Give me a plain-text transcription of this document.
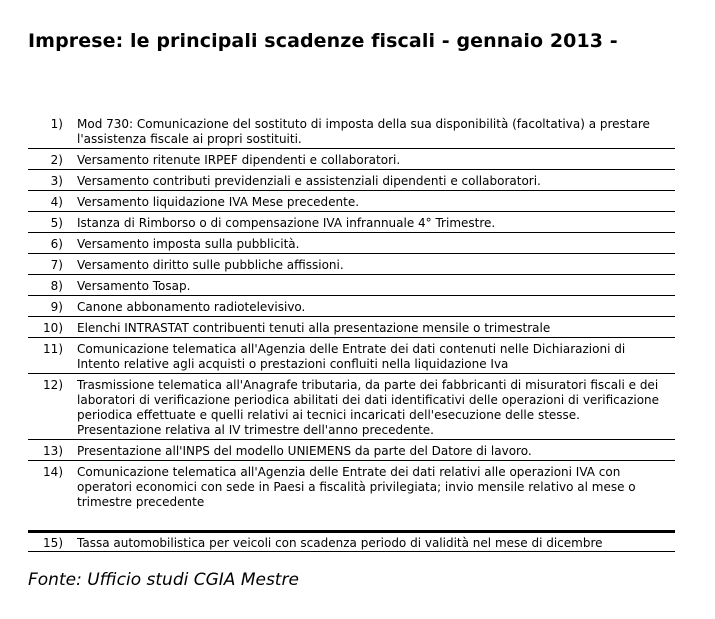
Imprese: le principali scadenze fiscali - gennaio 2013 -
1)	Mod 730: Comunicazione del sostituto di imposta della sua disponibilità (facoltativa) a prestare l'assistenza fiscale ai propri sostituiti.
2)	Versamento ritenute IRPEF dipendenti e collaboratori.
3)	Versamento contributi previdenziali e assistenziali dipendenti e collaboratori.
4)	Versamento liquidazione IVA Mese precedente.
5)	Istanza di Rimborso o di compensazione IVA infrannuale 4° Trimestre.
6)	Versamento imposta sulla pubblicità.
7)	Versamento diritto sulle pubbliche affissioni.
8)	Versamento Tosap.
9)	Canone abbonamento radiotelevisivo.
10)	Elenchi INTRASTAT contribuenti tenuti alla presentazione mensile o trimestrale
11)	Comunicazione telematica all'Agenzia delle Entrate dei dati contenuti nelle Dichiarazioni di Intento relative agli acquisti o prestazioni confluiti nella liquidazione Iva
12)	Trasmissione telematica all'Anagrafe tributaria, da parte dei fabbricanti di misuratori fiscali e dei laboratori di verificazione periodica abilitati dei dati identificativi delle operazioni di verificazione periodica effettuate e quelli relativi ai tecnici incaricati dell'esecuzione delle stesse. Presentazione relativa al IV trimestre dell'anno precedente.
13)	Presentazione all'INPS del modello UNIEMENS da parte del Datore di lavoro.
14)	Comunicazione telematica all'Agenzia delle Entrate dei dati relativi alle operazioni IVA con operatori economici con sede in Paesi a fiscalità privilegiata; invio mensile relativo al mese o trimestre precedente
15)	Tassa automobilistica per veicoli con scadenza periodo di validità nel mese di dicembre
Fonte: Ufficio studi CGIA Mestre
